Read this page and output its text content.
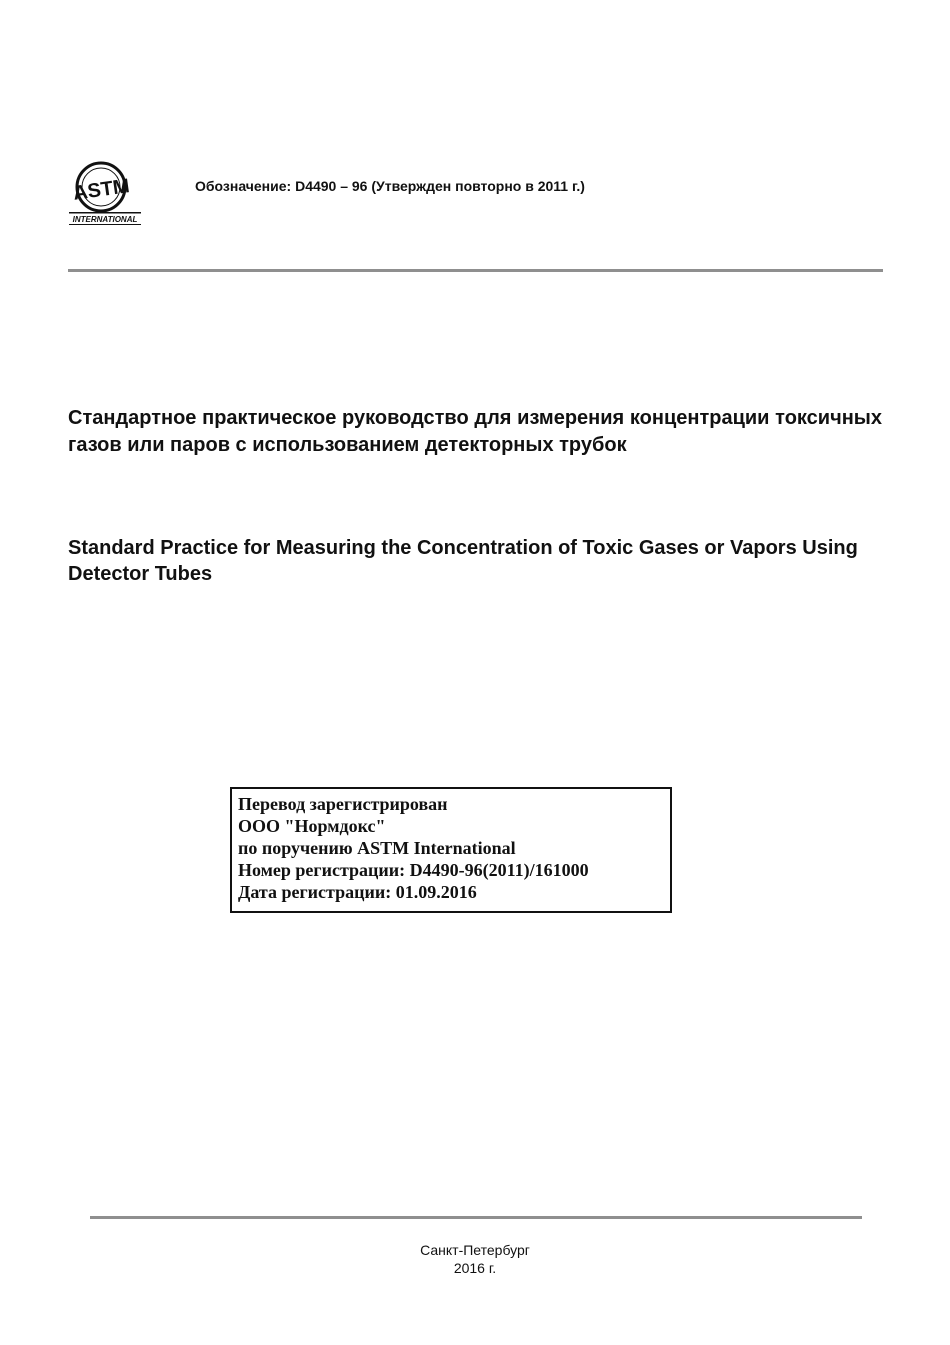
ASTM
INTERNATIONAL
Обозначение: D4490 – 96 (Утвержден повторно в 2011 г.)
Стандартное практическое руководство для измерения концентрации токсичных газов или паров с использованием детекторных трубок
Standard Practice for Measuring the Concentration of Toxic Gases or Vapors Using Detector Tubes
Перевод зарегистрирован
ООО "Нормдокс"
по поручению ASTM International
Номер регистрации: D4490-96(2011)/161000
Дата регистрации: 01.09.2016
Санкт-Петербург
2016 г.
